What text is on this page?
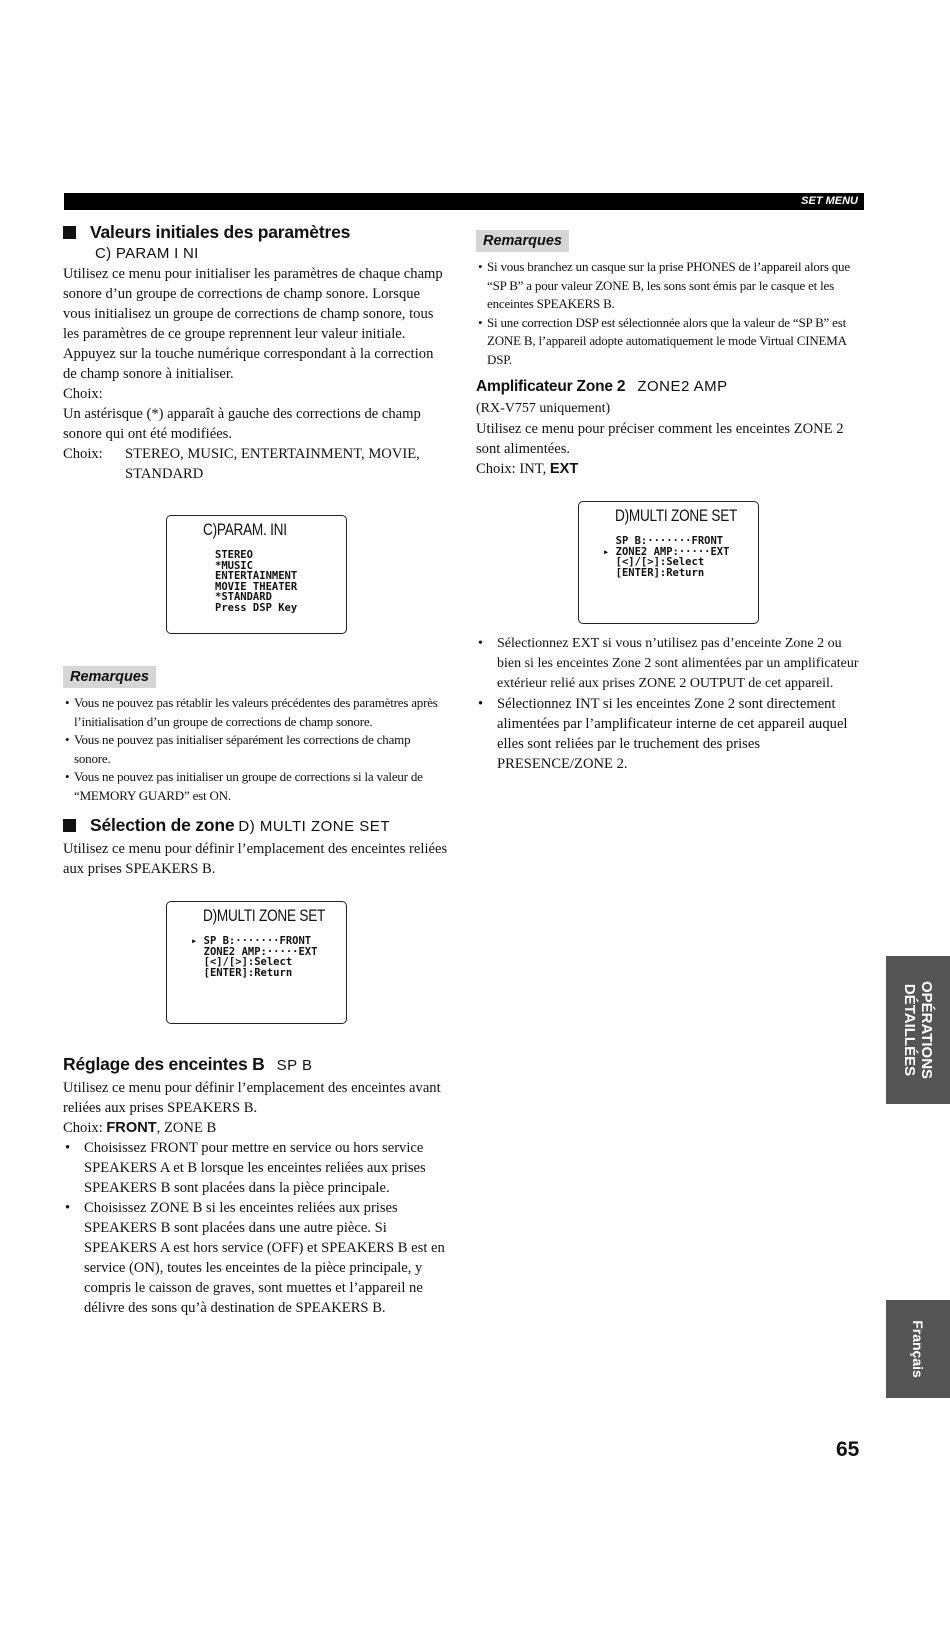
SET MENU
Valeurs initiales des paramètres
C) PARAM I NI

Utilisez ce menu pour initialiser les paramètres de chaque champ sonore d’un groupe de corrections de champ sonore. Lorsque vous initialisez un groupe de corrections de champ sonore, tous les paramètres de ce groupe reprennent leur valeur initiale.

Appuyez sur la touche numérique correspondant à la correction de champ sonore à initialiser.

Choix:

Un astérisque (*) apparaît à gauche des corrections de champ sonore qui ont été modifiées.

Choix:	STEREO, MUSIC, ENTERTAINMENT, MOVIE, STANDARD
C)PARAM. INI
STEREO
*MUSIC
ENTERTAINMENT
MOVIE THEATER
*STANDARD
Press DSP Key
Remarques
• Vous ne pouvez pas rétablir les valeurs précédentes des paramètres après l’initialisation d’un groupe de corrections de champ sonore.
• Vous ne pouvez pas initialiser séparément les corrections de champ sonore.
• Vous ne pouvez pas initialiser un groupe de corrections si la valeur de “MEMORY GUARD” est ON.
Sélection de zone D) MULTI ZONE SET

Utilisez ce menu pour définir l’emplacement des enceintes reliées aux prises SPEAKERS B.

D)MULTI ZONE SET
▸ SP B:·······FRONT
ZONE2 AMP:·····EXT
[<]/[>]:Select
[ENTER]:Return
Réglage des enceintes B SP B

Utilisez ce menu pour définir l’emplacement des enceintes avant reliées aux prises SPEAKERS B.

Choix: FRONT, ZONE B

• Choisissez FRONT pour mettre en service ou hors service SPEAKERS A et B lorsque les enceintes reliées aux prises SPEAKERS B sont placées dans la pièce principale.
• Choisissez ZONE B si les enceintes reliées aux prises SPEAKERS B sont placées dans une autre pièce. Si SPEAKERS A est hors service (OFF) et SPEAKERS B est en service (ON), toutes les enceintes de la pièce principale, y compris le caisson de graves, sont muettes et l’appareil ne délivre des sons qu’à destination de SPEAKERS B.
Remarques
• Si vous branchez un casque sur la prise PHONES de l’appareil alors que “SP B” a pour valeur ZONE B, les sons sont émis par le casque et les enceintes SPEAKERS B.
• Si une correction DSP est sélectionnée alors que la valeur de “SP B” est ZONE B, l’appareil adopte automatiquement le mode Virtual CINEMA DSP.
Amplificateur Zone 2 ZONE2 AMP

(RX-V757 uniquement)

Utilisez ce menu pour préciser comment les enceintes ZONE 2 sont alimentées.

Choix: INT, EXT

D)MULTI ZONE SET
SP B:·······FRONT
▸ ZONE2 AMP:·····EXT
[<]/[>]:Select
[ENTER]:Return
• Sélectionnez EXT si vous n’utilisez pas d’enceinte Zone 2 ou bien si les enceintes Zone 2 sont alimentées par un amplificateur extérieur relié aux prises ZONE 2 OUTPUT de cet appareil.
• Sélectionnez INT si les enceintes Zone 2 sont directement alimentées par l’amplificateur interne de cet appareil auquel elles sont reliées par le truchement des prises PRESENCE/ZONE 2.
OPÉRATIONS
DÉTAILLÉES
Français
65
